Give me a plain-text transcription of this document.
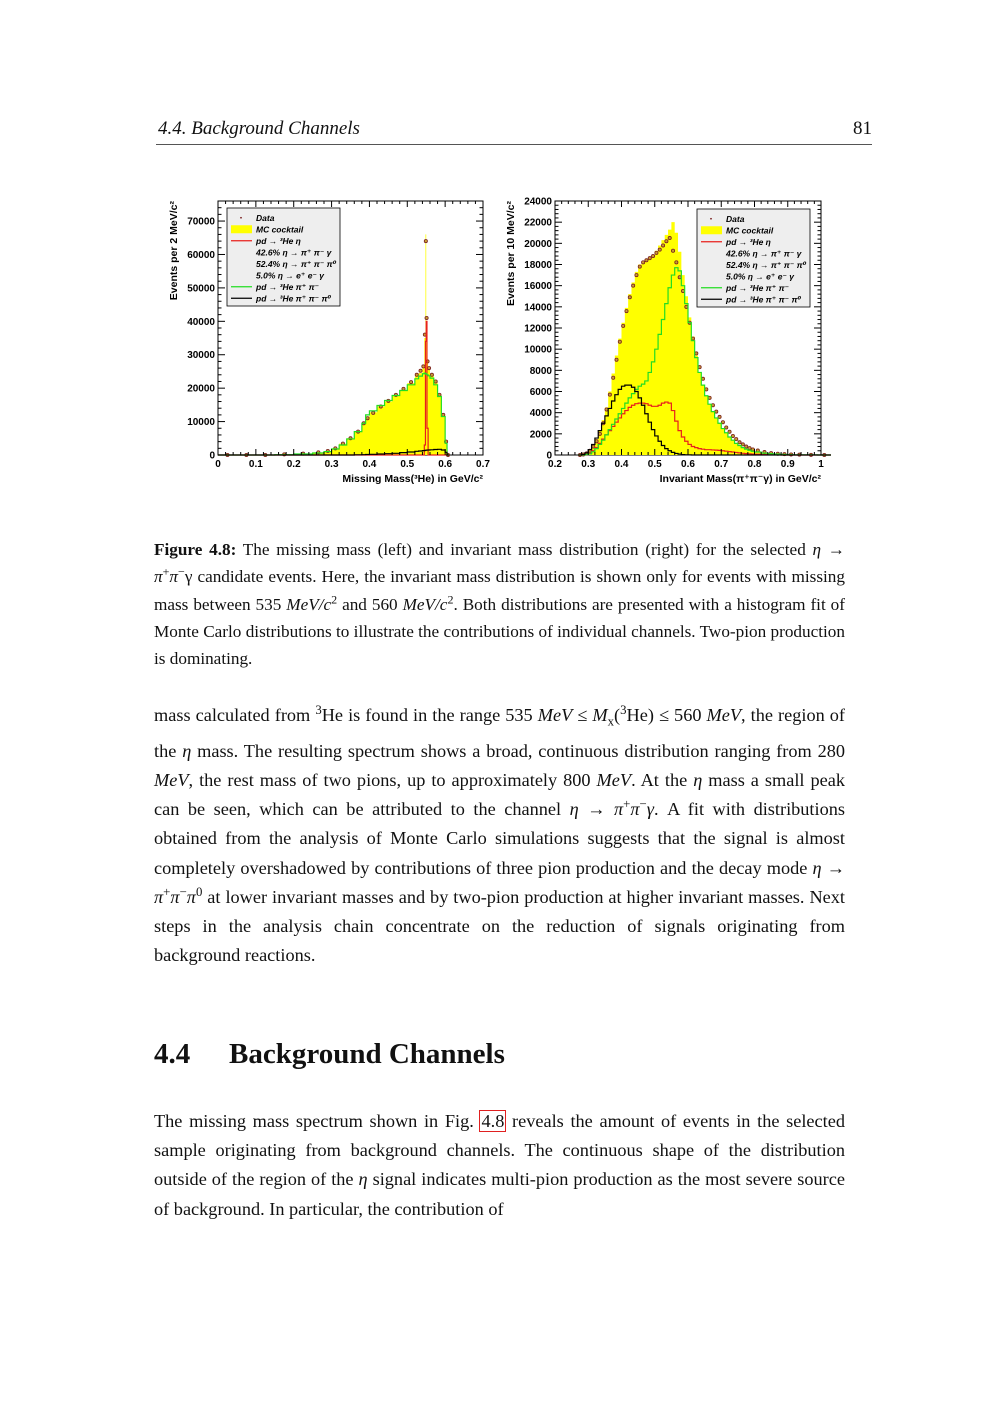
4.4. Background Channels	81
0	0.1 0.2 0.3 0.4 0.5 0.6 0.7
0
10000
20000
30000
40000
50000
60000
70000
Missing Mass(³He) in GeV/c²
Events per 2 MeV/c²	Data
MC cocktail
pd → ³He η
42.6% η → π⁺ π⁻ γ
52.4% η → π⁺ π⁻ π⁰
5.0% η → e⁺ e⁻ γ
pd → ³He π⁺ π⁻
pd → ³He π⁺ π⁻ π⁰
0.2 0.3 0.4 0.5 0.6 0.7 0.8 0.9 1
0
2000
4000
6000
8000
10000
12000
14000
16000
18000
20000
22000
24000
Invariant Mass(π⁺π⁻γ) in GeV/c²
Events per 10 MeV/c²	Data
MC cocktail
pd → ³He η
42.6% η → π⁺ π⁻ γ
52.4% η → π⁺ π⁻ π⁰
5.0% η → e⁺ e⁻ γ
pd → ³He π⁺ π⁻
pd → ³He π⁺ π⁻ π⁰
Figure 4.8: The missing mass (left) and invariant mass distribution (right) for the selected η → π+π−γ candidate events. Here, the invariant mass distribution is shown only for events with missing mass between 535 MeV/$c^2$ and 560 MeV/$c^2$. Both distributions are presented with a histogram fit of Monte Carlo distributions to illustrate the contributions of individual channels. Two-pion production is dominating.
mass calculated from $^3$He is found in the range 535 MeV ≤ $M_x(^3He) \le 560$ MeV, the region of the η mass. The resulting spectrum shows a broad, continuous distribution ranging from 280 MeV, the rest mass of two pions, up to approximately 800 MeV. At the η mass a small peak can be seen, which can be attributed to the channel η → π+π−γ. A fit with distributions obtained from the analysis of Monte Carlo simulations suggests that the signal is almost completely overshadowed by contributions of three pion production and the decay mode $\eta \to \pi^+\pi^-\pi^0$ at lower invariant masses and by two-pion production at higher invariant masses. Next steps in the analysis chain concentrate on the reduction of signals originating from background reactions.
4.4 Background Channels
The missing mass spectrum shown in Fig. 4.8 reveals the amount of events in the selected sample originating from background channels. The continuous shape of the distribution outside of the region of the η signal indicates multi-pion production as the most severe source of background. In particular, the contribution of
